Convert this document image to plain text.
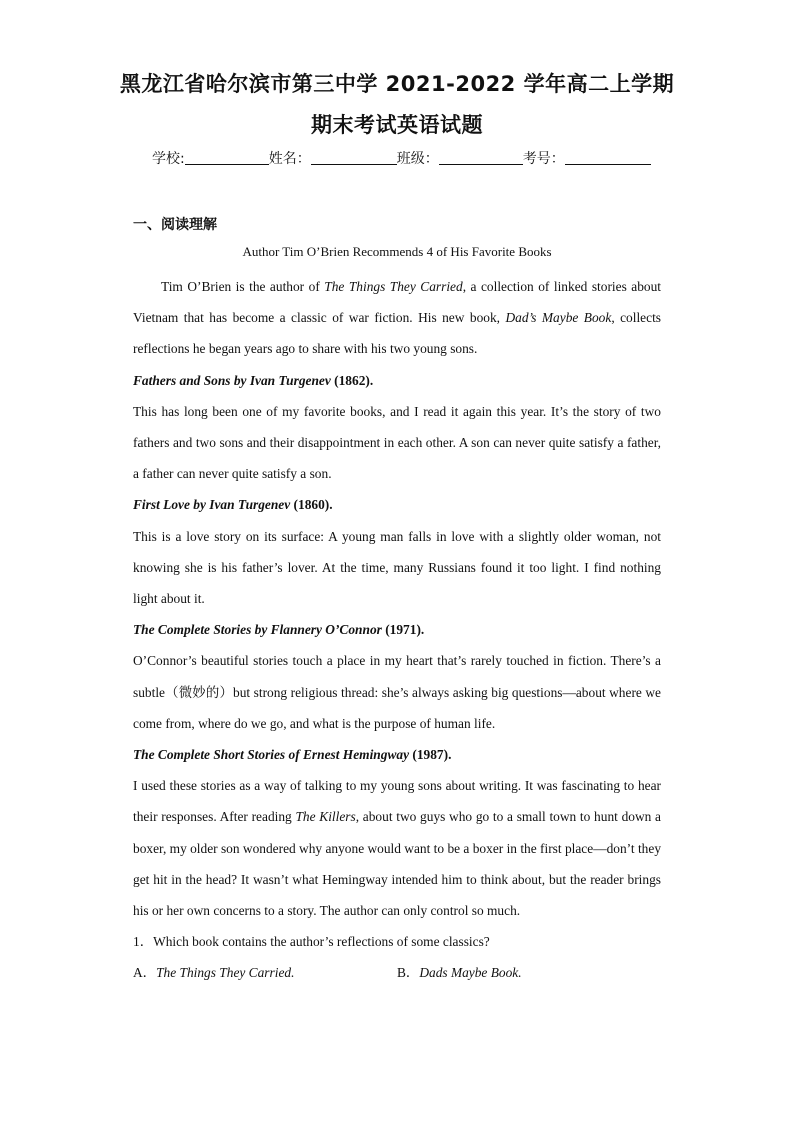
黑龙江省哈尔滨市第三中学 2021-2022 学年高二上学期
期末考试英语试题
学校:	姓名：	班级：	考号：
一、阅读理解
Author Tim O’Brien Recommends 4 of His Favorite Books

Tim O’Brien is the author of The Things They Carried, a collection of linked stories about Vietnam that has become a classic of war fiction. His new book, Dad’s Maybe Book, collects reflections he began years ago to share with his two young sons.

Fathers and Sons by Ivan Turgenev (1862).

This has long been one of my favorite books, and I read it again this year. It’s the story of two fathers and two sons and their disappointment in each other. A son can never quite satisfy a father, a father can never quite satisfy a son.

First Love by Ivan Turgenev (1860).

This is a love story on its surface: A young man falls in love with a slightly older woman, not knowing she is his father’s lover. At the time, many Russians found it too light. I find nothing light about it.

The Complete Stories by Flannery O’Connor (1971).

O’Connor’s beautiful stories touch a place in my heart that’s rarely touched in fiction. There’s a subtle（微妙的）but strong religious thread: she’s always asking big questions—about where we come from, where do we go, and what is the purpose of human life.

The Complete Short Stories of Ernest Hemingway (1987).

I used these stories as a way of talking to my young sons about writing. It was fascinating to hear their responses. After reading The Killers, about two guys who go to a small town to hunt down a boxer, my older son wondered why anyone would want to be a boxer in the first place—don’t they get hit in the head? It wasn’t what Hemingway intended him to think about, but the reader brings his or her own concerns to a story. The author can only control so much.

1．Which book contains the author’s reflections of some classics?

A．The Things They Carried.	B．Dads Maybe Book.
